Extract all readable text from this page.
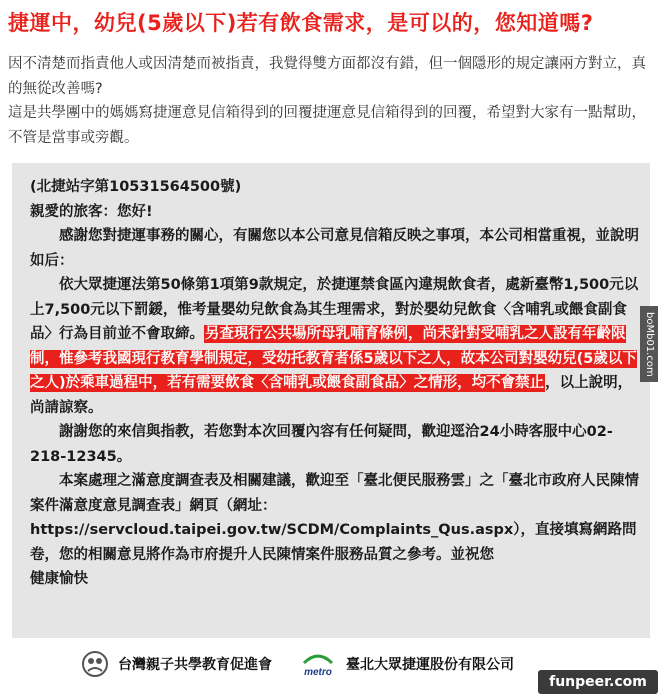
捷運中，幼兒(5歲以下)若有飲食需求，是可以的，您知道嗎?

因不清楚而指責他人或因清楚而被指責，我覺得雙方面都沒有錯，但一個隱形的規定讓兩方對立，真的無從改善嗎?

這是共學團中的媽媽寫捷運意見信箱得到的回覆捷運意見信箱得到的回覆，希望對大家有一點幫助，不管是當事或旁觀。

(北捷站字第10531564500號)

親愛的旅客：您好!

感謝您對捷運事務的關心，有關您以本公司意見信箱反映之事項，本公司相當重視，並說明如后：

依大眾捷運法第50條第1項第9款規定，於捷運禁食區內違規飲食者，處新臺幣1,500元以上7,500元以下罰鍰，惟考量嬰幼兒飲食為其生理需求，對於嬰幼兒飲食〈含哺乳或餵食副食品〉行為目前並不會取締。另查現行公共場所母乳哺育條例，尚未針對受哺乳之人設有年齡限制，惟參考我國現行教育學制規定，受幼托教育者係5歲以下之人，故本公司對嬰幼兒(5歲以下之人)於乘車過程中，若有需要飲食〈含哺乳或餵食副食品〉之情形，均不會禁止，以上說明，尚請諒察。

謝謝您的來信與指教，若您對本次回覆內容有任何疑問，歡迎逕洽24小時客服中心02-218-12345。

本案處理之滿意度調查表及相關建議，歡迎至「臺北便民服務雲」之「臺北市政府人民陳情案件滿意度意見調查表」網頁（網址：https://servcloud.taipei.gov.tw/SCDM/Complaints_Qus.aspx），直接填寫網路問卷，您的相關意見將作為市府提升人民陳情案件服務品質之參考。並祝您

健康愉快

boMb01.com
台灣親子共學教育促進會	metro 臺北大眾捷運股份有限公司
funpeer.com
